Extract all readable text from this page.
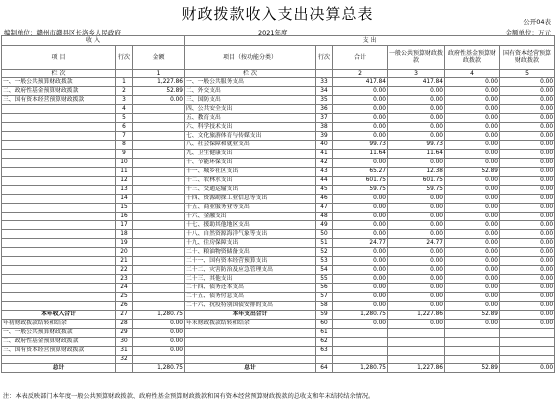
财政拨款收入支出决算总表	公开04表
编制单位：赣州市赣县区长洛乡人民政府	2021年度	金额单位：万元
收 入			支 出					
项 目	行次	金额	项目（按功能分类）	行次	合计	一般公共预算财政拨款	政府性基金预算财政拨款	国有资本经营预算财政拨款
栏 次		1	栏 次		2	3	4	5
一、一般公共预算财政拨款	1	1,227.86	一、一般公共服务支出	33	417.84	417.84	0.00	0.00
二、政府性基金预算财政拨款	2	52.89	二、外交支出	34	0.00	0.00	0.00	0.00
三、国有资本经营预算财政拨款	3	0.00	三、国防支出	35	0.00	0.00	0.00	0.00
	4		四、公共安全支出	36	0.00	0.00	0.00	0.00
	5		五、教育支出	37	0.00	0.00	0.00	0.00
	6		六、科学技术支出	38	0.00	0.00	0.00	0.00
	7		七、文化旅游体育与传媒支出	39	0.00	0.00	0.00	0.00
	8		八、社会保障和就业支出	40	99.73	99.73	0.00	0.00
	9		九、卫生健康支出	41	11.64	11.64	0.00	0.00
	10		十、节能环保支出	42	0.00	0.00	0.00	0.00
	11		十一、城乡社区支出	43	65.27	12.38	52.89	0.00
	12		十二、农林水支出	44	601.75	601.75	0.00	0.00
	13		十三、交通运输支出	45	59.75	59.75	0.00	0.00
	14		十四、资源勘探工业信息等支出	46	0.00	0.00	0.00	0.00
	15		十五、商业服务业等支出	47	0.00	0.00	0.00	0.00
	16		十六、金融支出	48	0.00	0.00	0.00	0.00
	17		十七、援助其他地区支出	49	0.00	0.00	0.00	0.00
	18		十八、自然资源海洋气象等支出	50	0.00	0.00	0.00	0.00
	19		十九、住房保障支出	51	24.77	24.77	0.00	0.00
	20		二十、粮油物资储备支出	52	0.00	0.00	0.00	0.00
	21		二十一、国有资本经营预算支出	53	0.00	0.00	0.00	0.00
	22		二十二、灾害防治及应急管理支出	54	0.00	0.00	0.00	0.00
	23		二十三、其他支出	55	0.00	0.00	0.00	0.00
	24		二十四、债务还本支出	56	0.00	0.00	0.00	0.00
	25		二十五、债务付息支出	57	0.00	0.00	0.00	0.00
	26		二十六、抗疫特别国债安排的支出	58	0.00	0.00	0.00	0.00
本年收入合计	27	1,280.75	本年支出合计	59	1,280.75	1,227.86	52.89	0.00
年初财政拨款结转和结余	28	0.00	年末财政拨款结转和结余	60	0.00	0.00	0.00	0.00
一、一般公共预算财政拨款	29	0.00		61				
二、政府性基金预算财政拨款	30	0.00		62				
三、国有资本经营预算财政拨款	31	0.00		63				
	32							
总计		1,280.75	总计	64	1,280.75	1,227.86	52.89	0.00
注：本表反映部门本年度一般公共预算财政拨款、政府性基金预算财政拨款和国有资本经营预算财政拨款的总收支和年末结转结余情况。
